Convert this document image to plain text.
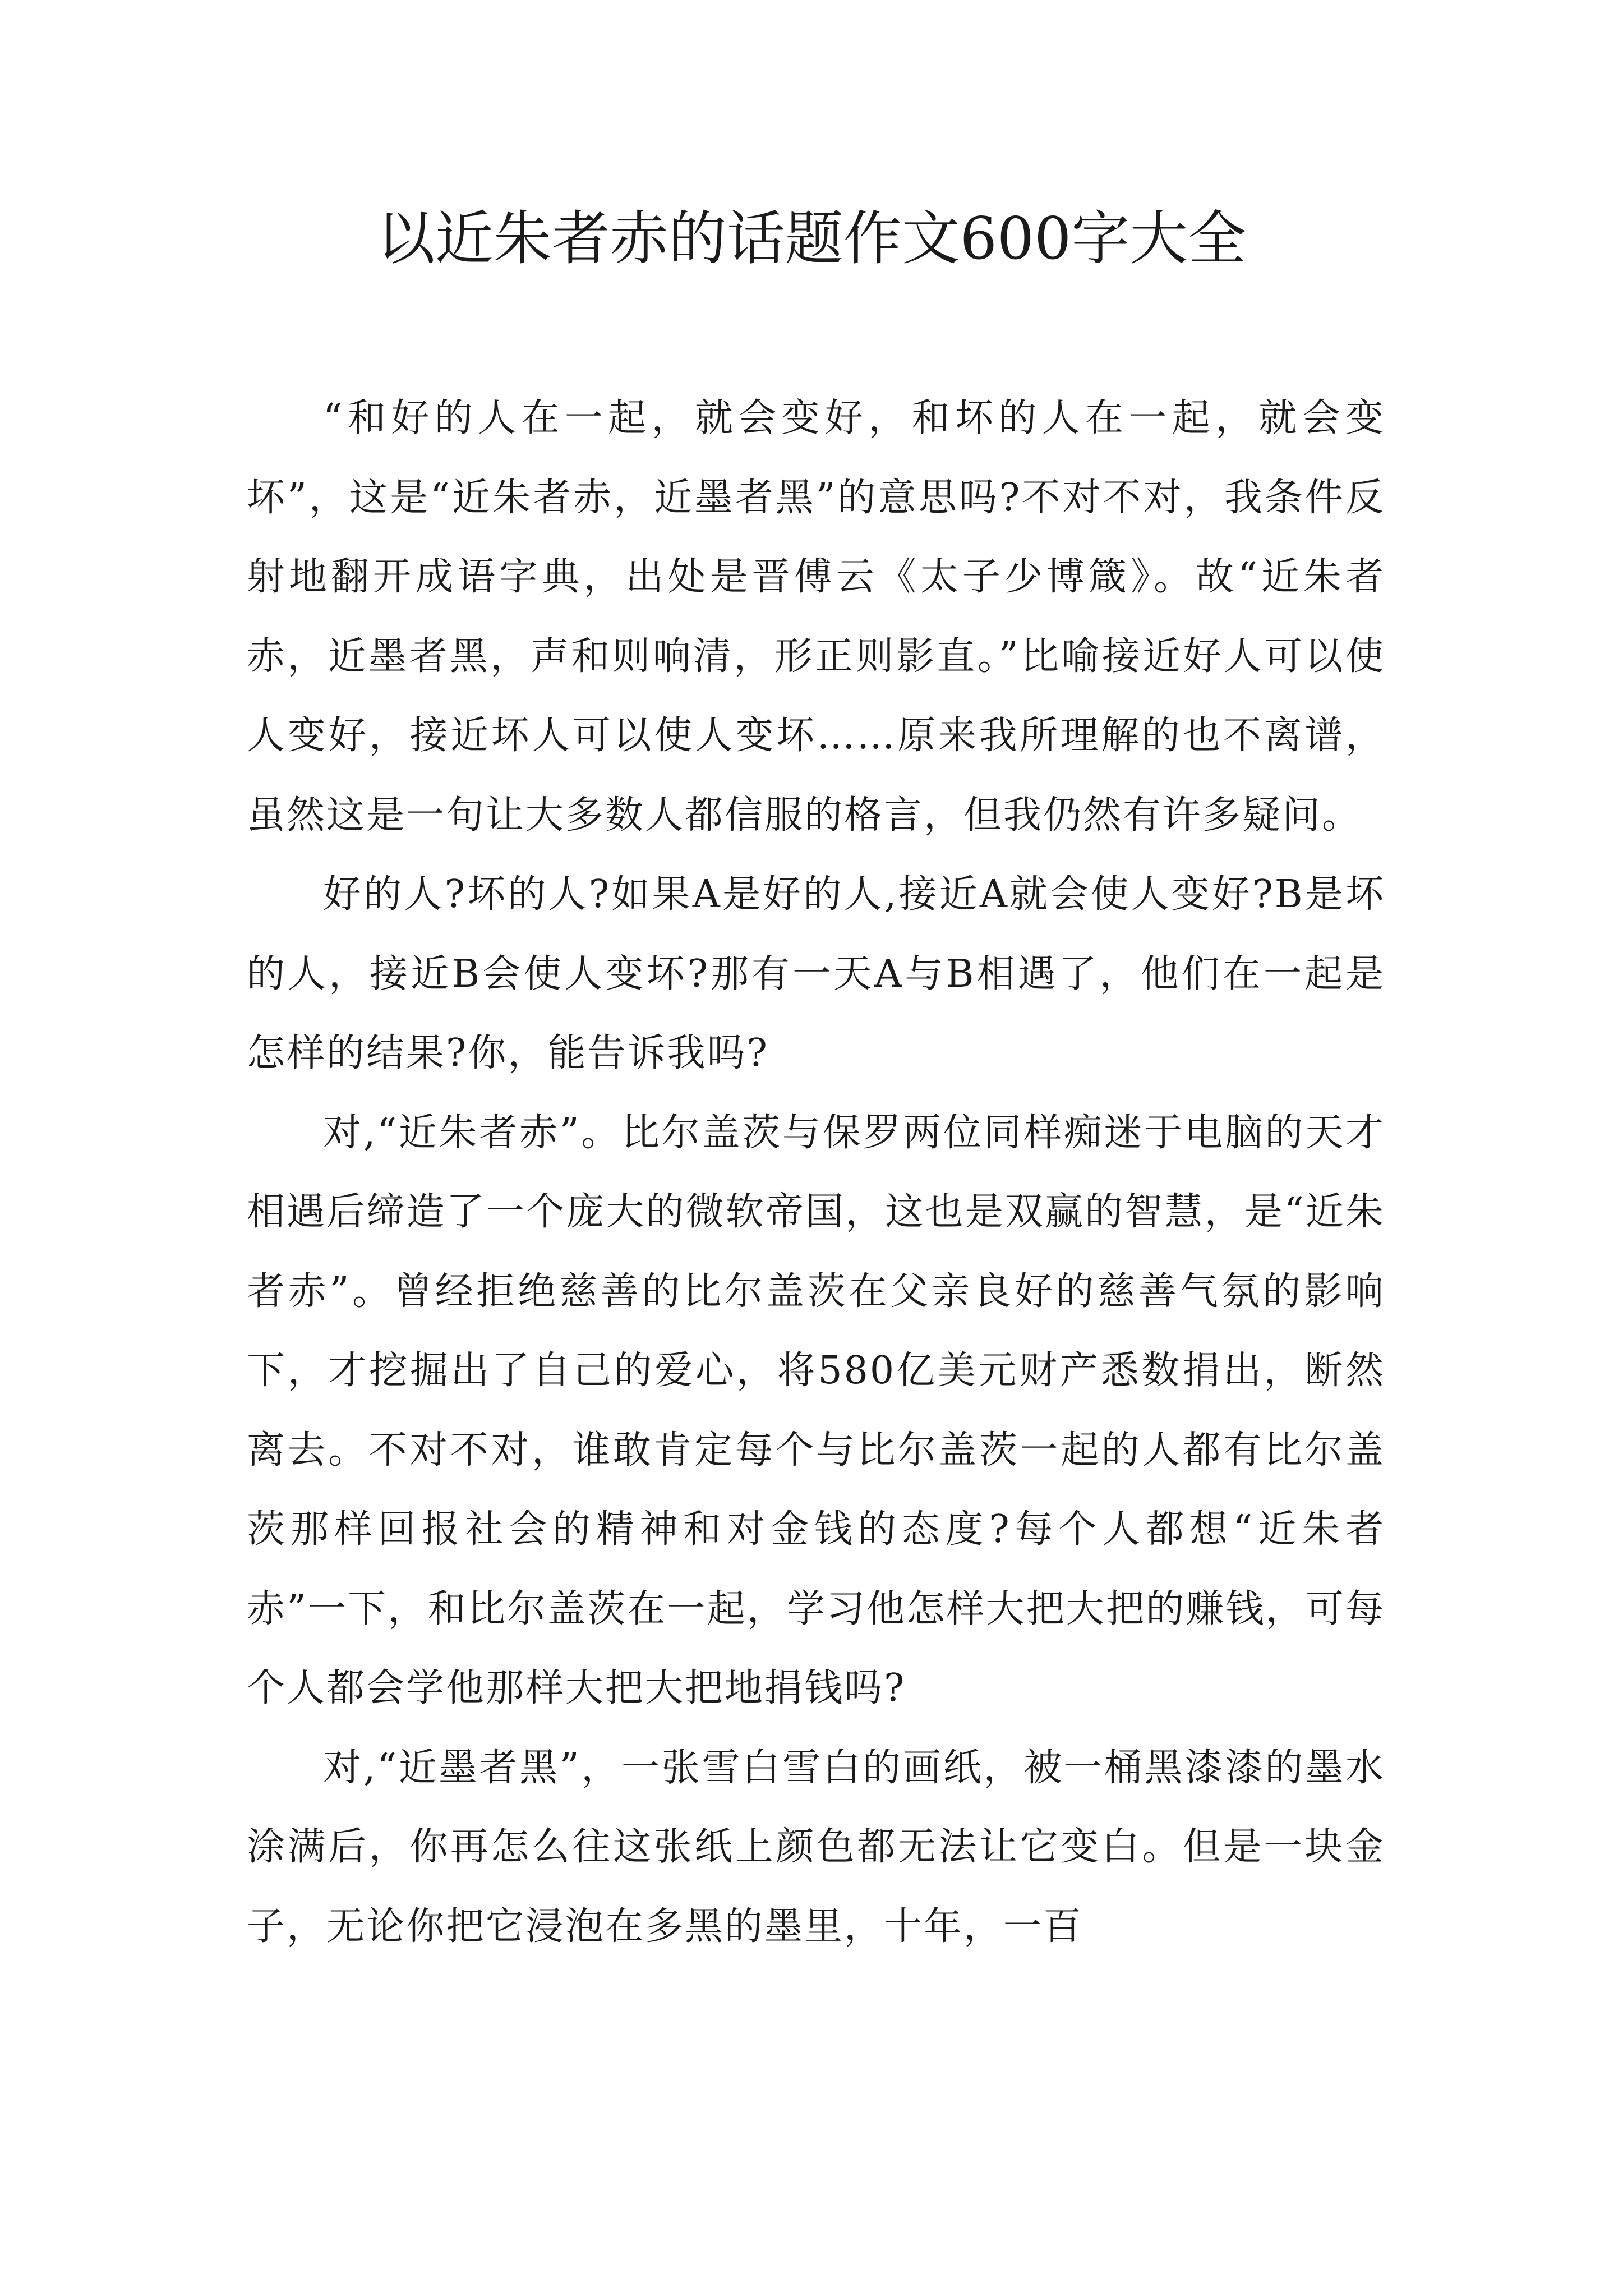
以近朱者赤的话题作文600字大全

“和好的人在一起，就会变好，和坏的人在一起，就会变坏”，这是“近朱者赤，近墨者黑”的意思吗?不对不对，我条件反射地翻开成语字典，出处是晋傅云《太子少博箴》。故“近朱者赤，近墨者黑，声和则响清，形正则影直。”比喻接近好人可以使人变好，接近坏人可以使人变坏……原来我所理解的也不离谱，虽然这是一句让大多数人都信服的格言，但我仍然有许多疑问。

好的人?坏的人?如果A是好的人,接近A就会使人变好?B是坏的人，接近B会使人变坏?那有一天A与B相遇了，他们在一起是怎样的结果?你，能告诉我吗?

对,“近朱者赤”。比尔盖茨与保罗两位同样痴迷于电脑的天才相遇后缔造了一个庞大的微软帝国，这也是双赢的智慧，是“近朱者赤”。曾经拒绝慈善的比尔盖茨在父亲良好的慈善气氛的影响下，才挖掘出了自己的爱心，将580亿美元财产悉数捐出，断然离去。不对不对，谁敢肯定每个与比尔盖茨一起的人都有比尔盖茨那样回报社会的精神和对金钱的态度?每个人都想“近朱者赤”一下，和比尔盖茨在一起，学习他怎样大把大把的赚钱，可每个人都会学他那样大把大把地捐钱吗?

对,“近墨者黑”，一张雪白雪白的画纸，被一桶黑漆漆的墨水涂满后，你再怎么往这张纸上颜色都无法让它变白。但是一块金子，无论你把它浸泡在多黑的墨里，十年，一百
